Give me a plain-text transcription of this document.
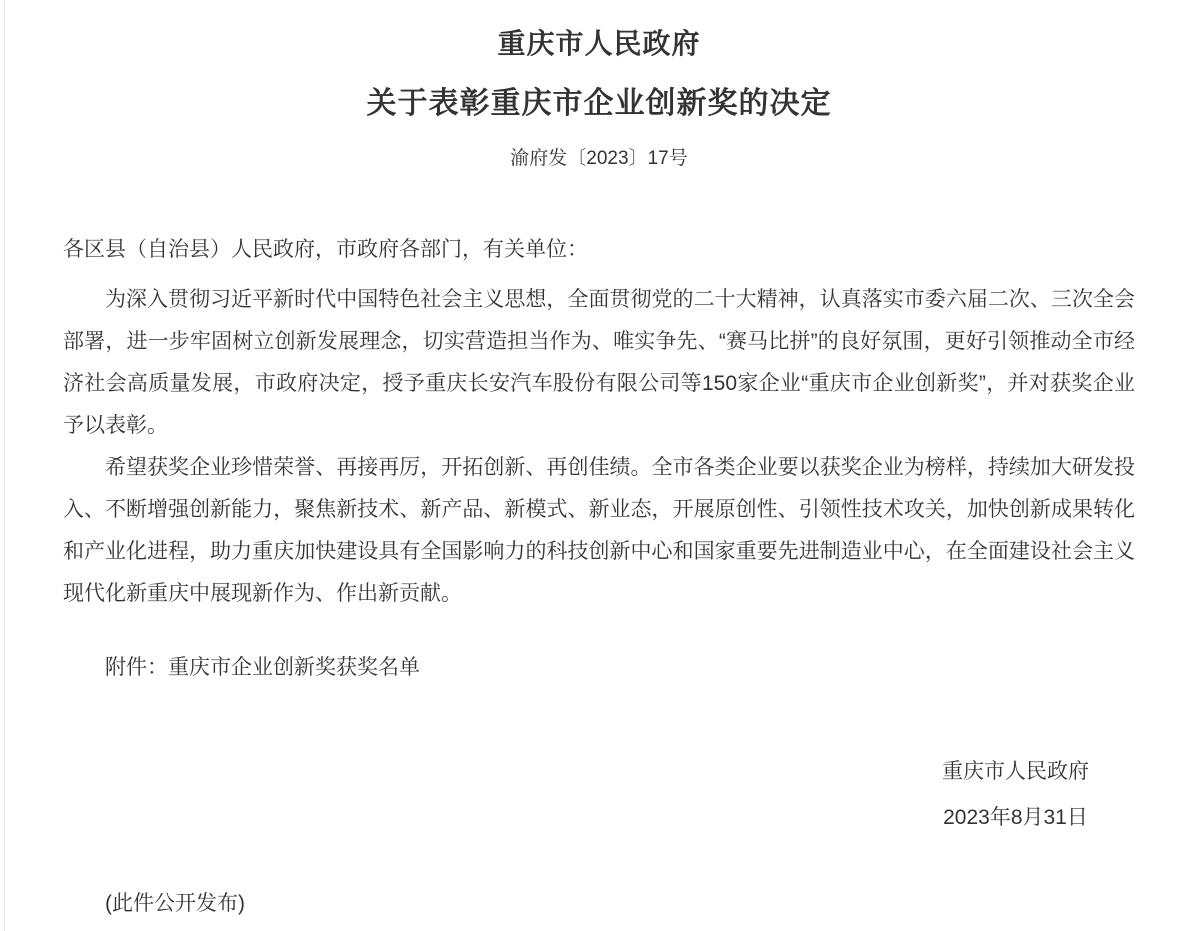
重庆市人民政府
关于表彰重庆市企业创新奖的决定
渝府发〔2023〕17号

各区县（自治县）人民政府，市政府各部门，有关单位：

为深入贯彻习近平新时代中国特色社会主义思想，全面贯彻党的二十大精神，认真落实市委六届二次、三次全会部署，进一步牢固树立创新发展理念，切实营造担当作为、唯实争先、“赛马比拼”的良好氛围，更好引领推动全市经济社会高质量发展，市政府决定，授予重庆长安汽车股份有限公司等150家企业“重庆市企业创新奖”，并对获奖企业予以表彰。

希望获奖企业珍惜荣誉、再接再厉，开拓创新、再创佳绩。全市各类企业要以获奖企业为榜样，持续加大研发投入、不断增强创新能力，聚焦新技术、新产品、新模式、新业态，开展原创性、引领性技术攻关，加快创新成果转化和产业化进程，助力重庆加快建设具有全国影响力的科技创新中心和国家重要先进制造业中心，在全面建设社会主义现代化新重庆中展现新作为、作出新贡献。

附件：重庆市企业创新奖获奖名单

重庆市人民政府
2023年8月31日

(此件公开发布)
